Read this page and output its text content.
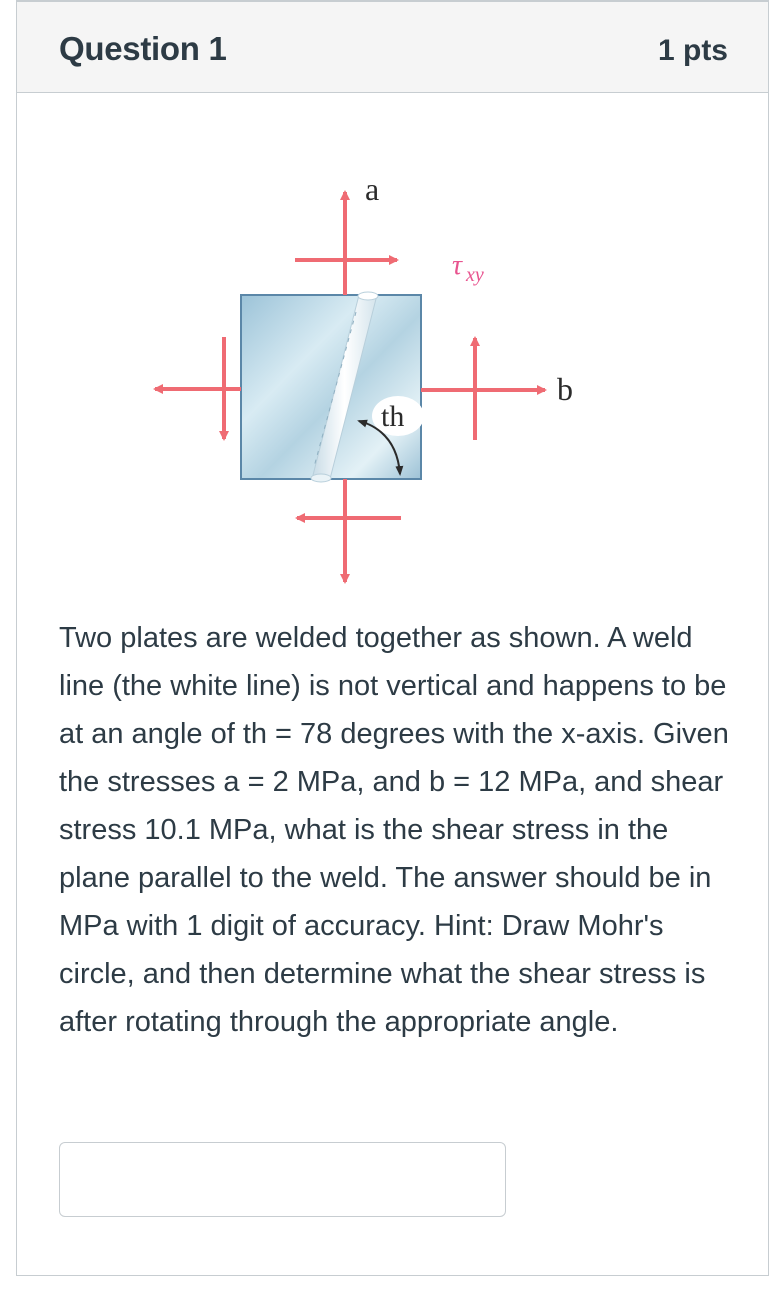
Question 1	1 pts
a
b
th
τ xy

Two plates are welded together as shown. A weld line (the white line) is not vertical and happens to be at an angle of th = 78 degrees with the x-axis. Given the stresses a = 2 MPa, and b = 12 MPa, and shear stress 10.1 MPa, what is the shear stress in the plane parallel to the weld. The answer should be in MPa with 1 digit of accuracy. Hint: Draw Mohr's circle, and then determine what the shear stress is after rotating through the appropriate angle.
